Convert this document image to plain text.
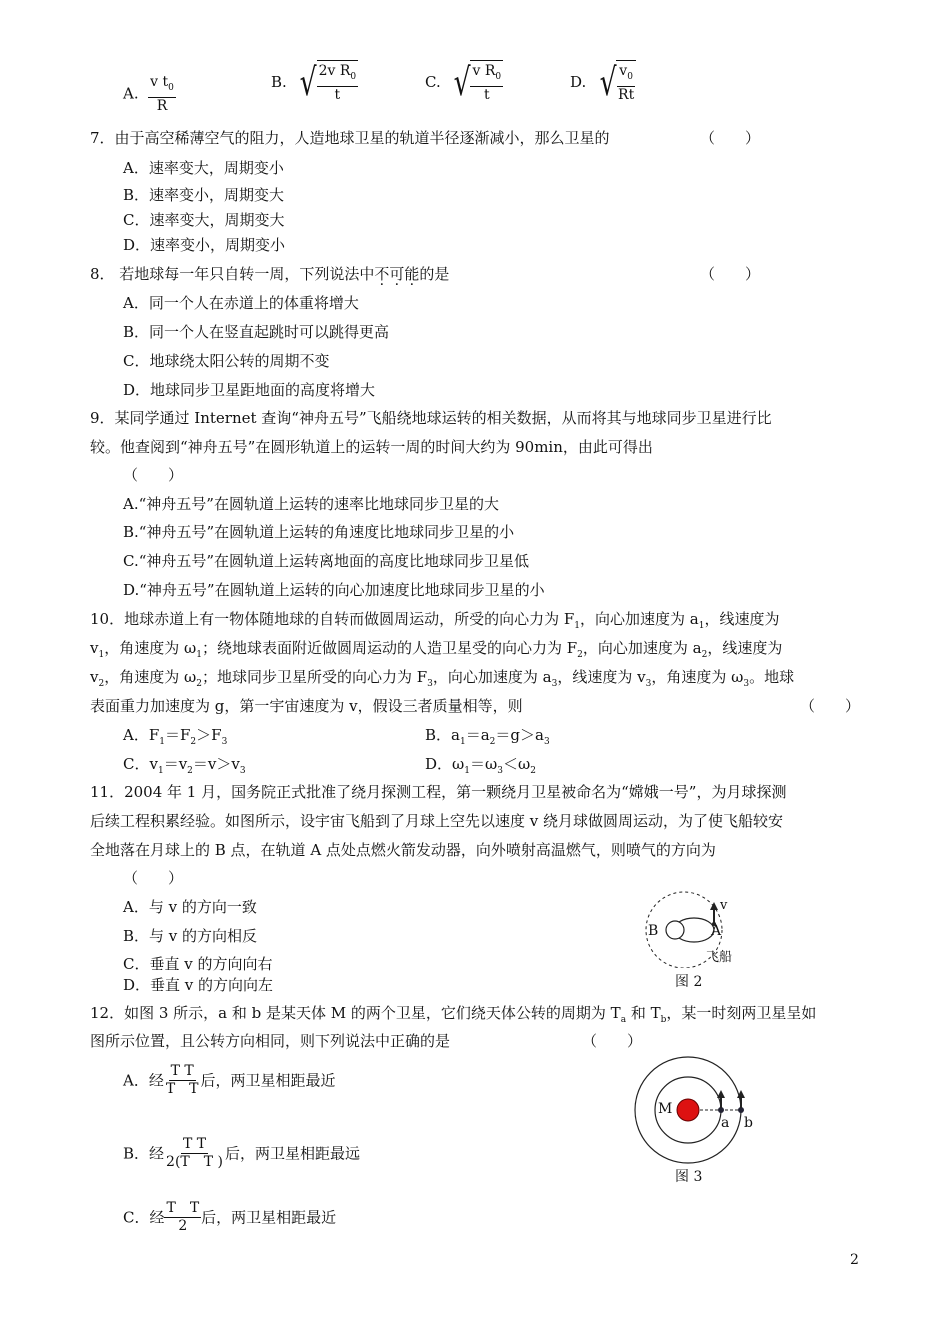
A. $\frac{v t^0}{R}$	B. √ $\frac{2v R^0}{t}$	C. √ $\frac{v R^0}{t}$	D. √ $\frac{v^0}{Rt}$
7．由于高空稀薄空气的阻力，人造地球卫星的轨道半径逐渐减小，那么卫星的	（　　）
A．速率变大，周期变小
B．速率变小，周期变大
C．速率变大，周期变大
D．速率变小，周期变小
8． 若地球每一年只自转一周，下列说法中不可能的是	（　　）
A．同一个人在赤道上的体重将增大
B．同一个人在竖直起跳时可以跳得更高
C．地球绕太阳公转的周期不变
D．地球同步卫星距地面的高度将增大
9．某同学通过 Internet 查询“神舟五号”飞船绕地球运转的相关数据，从而将其与地球同步卫星进行比
较。他查阅到“神舟五号”在圆形轨道上的运转一周的时间大约为 90min，由此可得出
（　　）
A.“神舟五号”在圆轨道上运转的速率比地球同步卫星的大
B.“神舟五号”在圆轨道上运转的角速度比地球同步卫星的小
C.“神舟五号”在圆轨道上运转离地面的高度比地球同步卫星低
D.“神舟五号”在圆轨道上运转的向心加速度比地球同步卫星的小
10．地球赤道上有一物体随地球的自转而做圆周运动，所受的向心力为 $F_1$，向心加速度为 $a_1$，线速度为
$v_1$，角速度为 $\omega_1$；绕地球表面附近做圆周运动的人造卫星受的向心力为 $F_2$，向心加速度为 $a_2$，线速度为
$v_2$，角速度为 $\omega_2$；地球同步卫星所受的向心力为 $F_3$，向心加速度为 $a_3$，线速度为 $v_3$，角速度为 $\omega_3$。地球
表面重力加速度为 g，第一宇宙速度为 v，假设三者质量相等，则	（　　）
A．$F_1=F_2>F_3$	B．$a_1=a_2=g>a_3$
C．$v_1=v_2=v>v_3$	D．$\omega_1=\omega_3<\omega_2$
11．2004 年 1 月，国务院正式批准了绕月探测工程，第一颗绕月卫星被命名为“嫦娥一号”，为月球探测
后续工程积累经验。如图所示，设宇宙飞船到了月球上空先以速度 v 绕月球做圆周运动，为了使飞船较安
全地落在月球上的 B 点，在轨道 A 点处点燃火箭发动器，向外喷射高温燃气，则喷气的方向为
（　　）
A．与 v 的方向一致
B．与 v 的方向相反
C．垂直 v 的方向向右
D．垂直 v 的方向向左
B	A
v
飞船
图 2
12．如图 3 所示，a 和 b 是某天体 M 的两个卫星，它们绕天体公转的周期为 $T_a$ 和 $T_b$，某一时刻两卫星呈如
图所示位置，且公转方向相同，则下列说法中正确的是	（　　）
A．经 $\frac{\text{T T}}{\text{T　T}}$ 后，两卫星相距最近
B．经 $\frac{\text{T T}}{\text{2(T　T )}}$ 后，两卫星相距最远
C．经 $\frac{\text{T　T}}{2}$ 后，两卫星相距最近
M
a b
图 3
2
